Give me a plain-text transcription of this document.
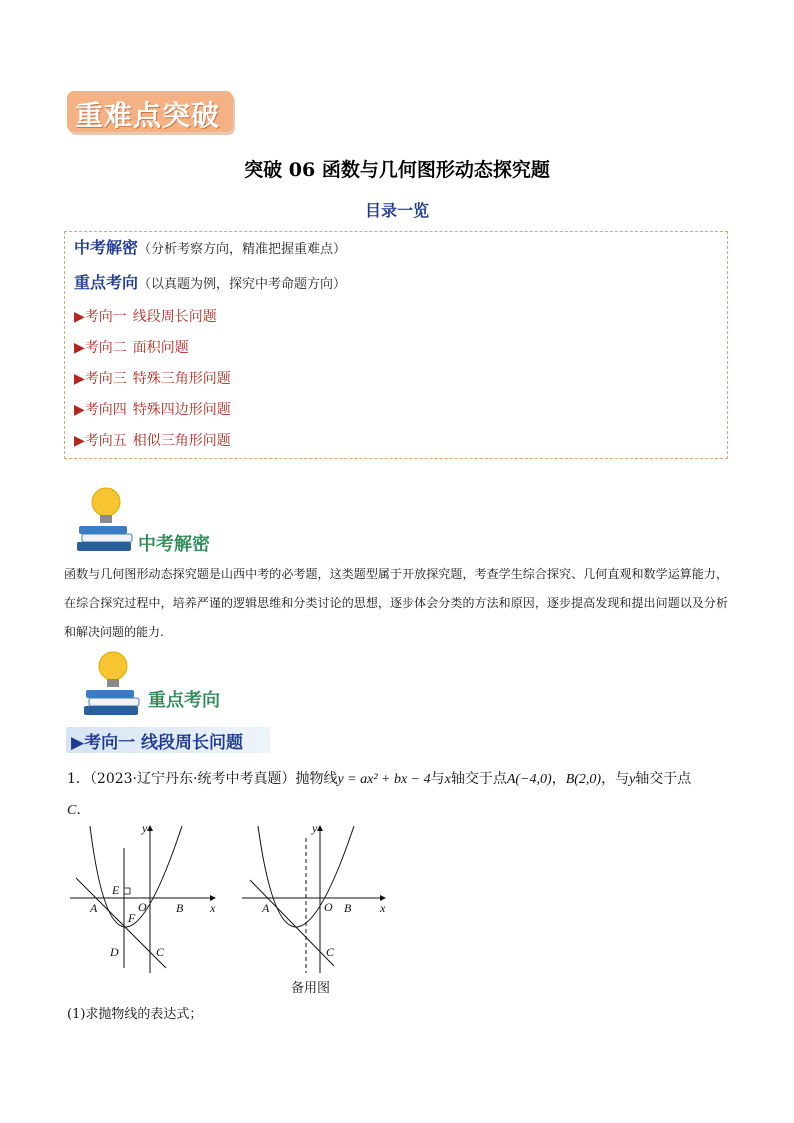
重难点突破
突破 06 函数与几何图形动态探究题
目录一览
中考解密（分析考察方向，精准把握重难点）
重点考向（以真题为例，探究中考命题方向）
▶考向一 线段周长问题
▶考向二 面积问题
▶考向三 特殊三角形问题
▶考向四 特殊四边形问题
▶考向五 相似三角形问题
中考解密
函数与几何图形动态探究题是山西中考的必考题，这类题型属于开放探究题，考查学生综合探究、几何直观和数学运算能力，在综合探究过程中，培养严谨的逻辑思维和分类讨论的思想，逐步体会分类的方法和原因，逐步提高发现和提出问题以及分析和解决问题的能力.
重点考向
▶考向一 线段周长问题
1．（2023·辽宁丹东·统考中考真题）抛物线y = ax² + bx − 4与x轴交于点A(−4,0)，B(2,0)，与y轴交于点
C.
y
x
O
A	B
C
D
E
F
y
x
O
A	B
C
备用图
(1)求抛物线的表达式；
